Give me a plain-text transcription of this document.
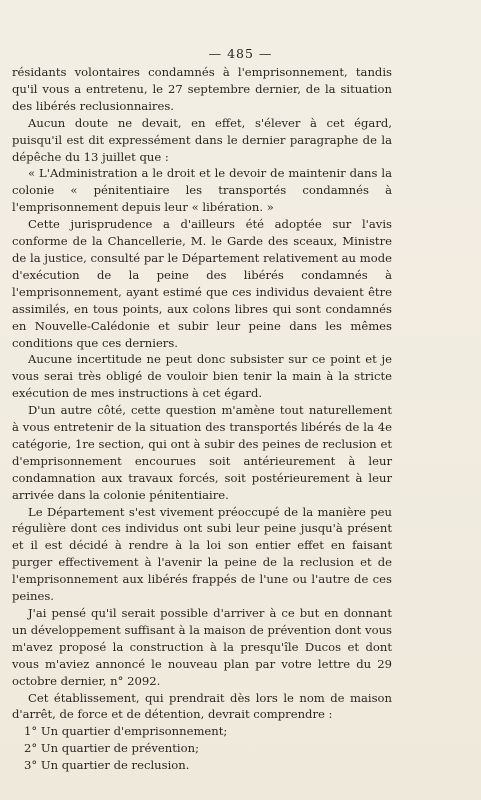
— 485 —

résidants volontaires condamnés à l'emprisonnement, tandis qu'il vous a entretenu, le 27 septembre dernier, de la situation des libérés reclusionnaires.

Aucun doute ne devait, en effet, s'élever à cet égard, puisqu'il est dit expressément dans le dernier paragraphe de la dépêche du 13 juillet que :

« L'Administration a le droit et le devoir de maintenir dans la colonie « pénitentiaire les transportés condamnés à l'emprisonnement depuis leur « libération. »

Cette jurisprudence a d'ailleurs été adoptée sur l'avis conforme de la Chancellerie, M. le Garde des sceaux, Ministre de la justice, consulté par le Département relativement au mode d'exécution de la peine des libérés condamnés à l'emprisonnement, ayant estimé que ces individus devaient être assimilés, en tous points, aux colons libres qui sont condamnés en Nouvelle-Calédonie et subir leur peine dans les mêmes conditions que ces derniers.

Aucune incertitude ne peut donc subsister sur ce point et je vous serai très obligé de vouloir bien tenir la main à la stricte exécution de mes instructions à cet égard.

D'un autre côté, cette question m'amène tout naturellement à vous entretenir de la situation des transportés libérés de la 4e catégorie, 1re section, qui ont à subir des peines de reclusion et d'emprisonnement encourues soit antérieurement à leur condamnation aux travaux forcés, soit postérieurement à leur arrivée dans la colonie pénitentiaire.

Le Département s'est vivement préoccupé de la manière peu régulière dont ces individus ont subi leur peine jusqu'à présent et il est décidé à rendre à la loi son entier effet en faisant purger effectivement à l'avenir la peine de la reclusion et de l'emprisonnement aux libérés frappés de l'une ou l'autre de ces peines.

J'ai pensé qu'il serait possible d'arriver à ce but en donnant un développement suffisant à la maison de prévention dont vous m'avez proposé la construction à la presqu'île Ducos et dont vous m'aviez annoncé le nouveau plan par votre lettre du 29 octobre dernier, n° 2092.

Cet établissement, qui prendrait dès lors le nom de maison d'arrêt, de force et de détention, devrait comprendre :

1° Un quartier d'emprisonnement;

2° Un quartier de prévention;

3° Un quartier de reclusion.
